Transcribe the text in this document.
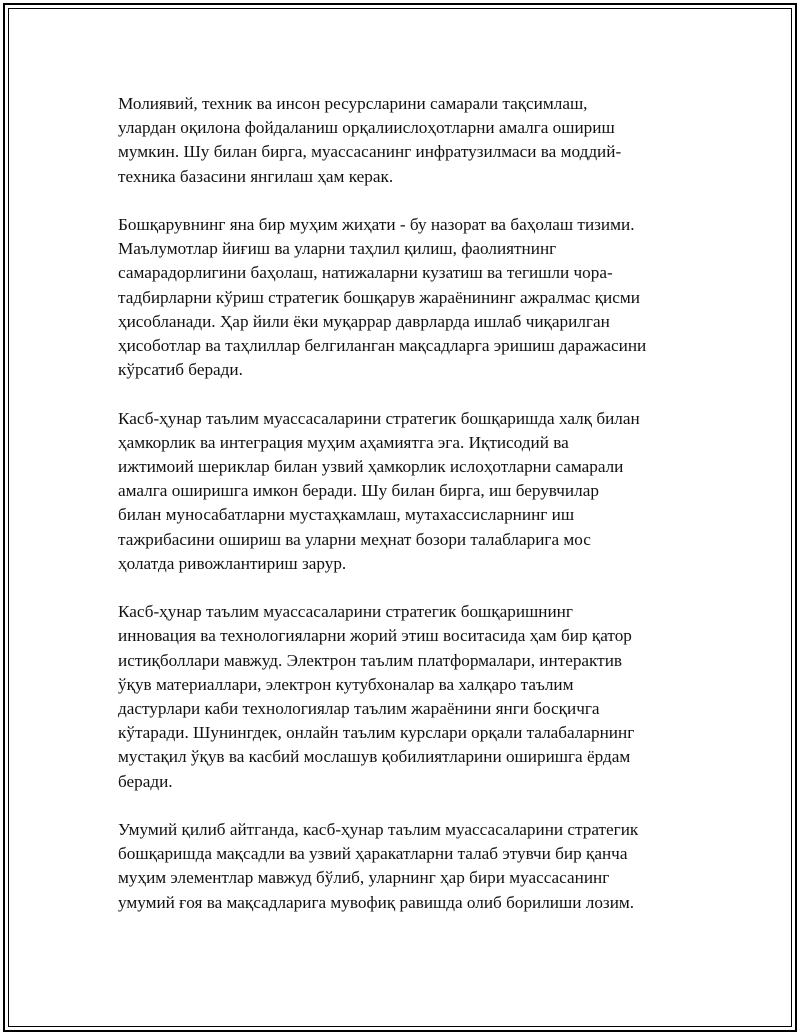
Молиявий, техник ва инсон ресурсларини самарали тақсимлаш,
улардан оқилона фойдаланиш орқалиислоҳотларни амалга ошириш
мумкин. Шу билан бирга, муассасанинг инфратузилмаси ва моддий-
техника базасини янгилаш ҳам керак.

Бошқарувнинг яна бир муҳим жиҳати - бу назорат ва баҳолаш тизими.
Маълумотлар йиғиш ва уларни таҳлил қилиш, фаолиятнинг
самарадорлигини баҳолаш, натижаларни кузатиш ва тегишли чора-
тадбирларни кўриш стратегик бошқарув жараёнининг ажралмас қисми
ҳисобланади. Ҳар йили ёки муқаррар даврларда ишлаб чиқарилган
ҳисоботлар ва таҳлиллар белгиланган мақсадларга эришиш даражасини
кўрсатиб беради.

Касб-ҳунар таълим муассасаларини стратегик бошқаришда халқ билан
ҳамкорлик ва интеграция муҳим аҳамиятга эга. Иқтисодий ва
ижтимоий шериклар билан узвий ҳамкорлик ислоҳотларни самарали
амалга оширишга имкон беради. Шу билан бирга, иш берувчилар
билан муносабатларни мустаҳкамлаш, мутахассисларнинг иш
тажрибасини ошириш ва уларни меҳнат бозори талабларига мос
ҳолатда ривожлантириш зарур.

Касб-ҳунар таълим муассасаларини стратегик бошқаришнинг
инновация ва технологияларни жорий этиш воситасида ҳам бир қатор
истиқболлари мавжуд. Электрон таълим платформалари, интерактив
ўқув материаллари, электрон кутубхоналар ва халқаро таълим
дастурлари каби технологиялар таълим жараёнини янги босқичга
кўтаради. Шунингдек, онлайн таълим курслари орқали талабаларнинг
мустақил ўқув ва касбий мослашув қобилиятларини оширишга ёрдам
беради.

Умумий қилиб айтганда, касб-ҳунар таълим муассасаларини стратегик
бошқаришда мақсадли ва узвий ҳаракатларни талаб этувчи бир қанча
муҳим элементлар мавжуд бўлиб, уларнинг ҳар бири муассасанинг
умумий ғоя ва мақсадларига мувофиқ равишда олиб борилиши лозим.
